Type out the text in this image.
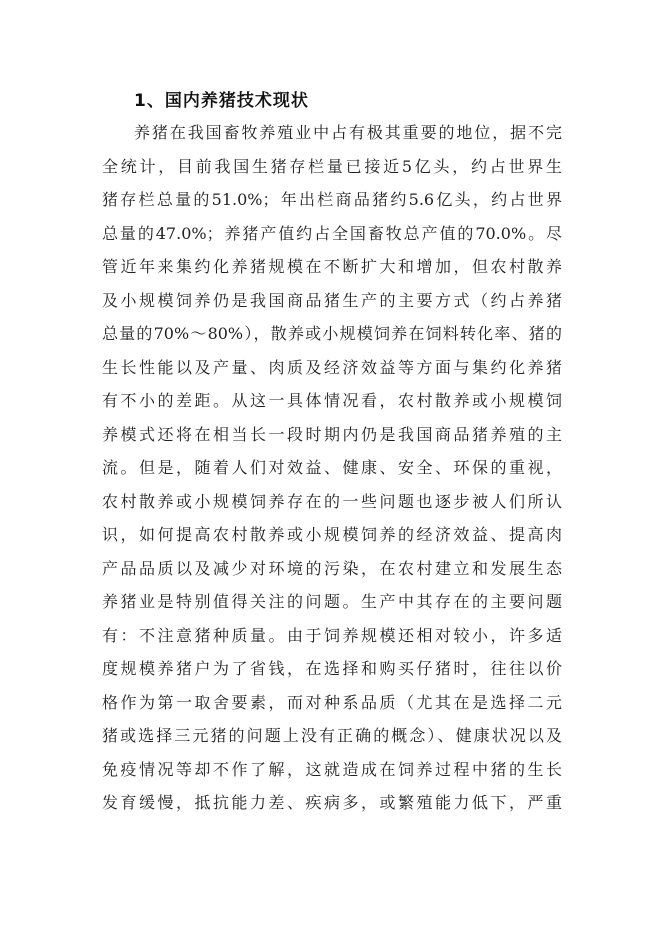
1、国内养猪技术现状
养猪在我国畜牧养殖业中占有极其重要的地位，据不完
全统计，目前我国生猪存栏量已接近5亿头，约占世界生
猪存栏总量的51.0%；年出栏商品猪约5.6亿头，约占世界
总量的47.0%；养猪产值约占全国畜牧总产值的70.0%。尽
管近年来集约化养猪规模在不断扩大和增加，但农村散养
及小规模饲养仍是我国商品猪生产的主要方式（约占养猪
总量的70%～80%），散养或小规模饲养在饲料转化率、猪的
生长性能以及产量、肉质及经济效益等方面与集约化养猪
有不小的差距。从这一具体情况看，农村散养或小规模饲
养模式还将在相当长一段时期内仍是我国商品猪养殖的主
流。但是，随着人们对效益、健康、安全、环保的重视，
农村散养或小规模饲养存在的一些问题也逐步被人们所认
识，如何提高农村散养或小规模饲养的经济效益、提高肉
产品品质以及减少对环境的污染，在农村建立和发展生态
养猪业是特别值得关注的问题。生产中其存在的主要问题
有：不注意猪种质量。由于饲养规模还相对较小，许多适
度规模养猪户为了省钱，在选择和购买仔猪时，往往以价
格作为第一取舍要素，而对种系品质（尤其在是选择二元
猪或选择三元猪的问题上没有正确的概念）、健康状况以及
免疫情况等却不作了解，这就造成在饲养过程中猪的生长
发育缓慢，抵抗能力差、疾病多，或繁殖能力低下，严重
